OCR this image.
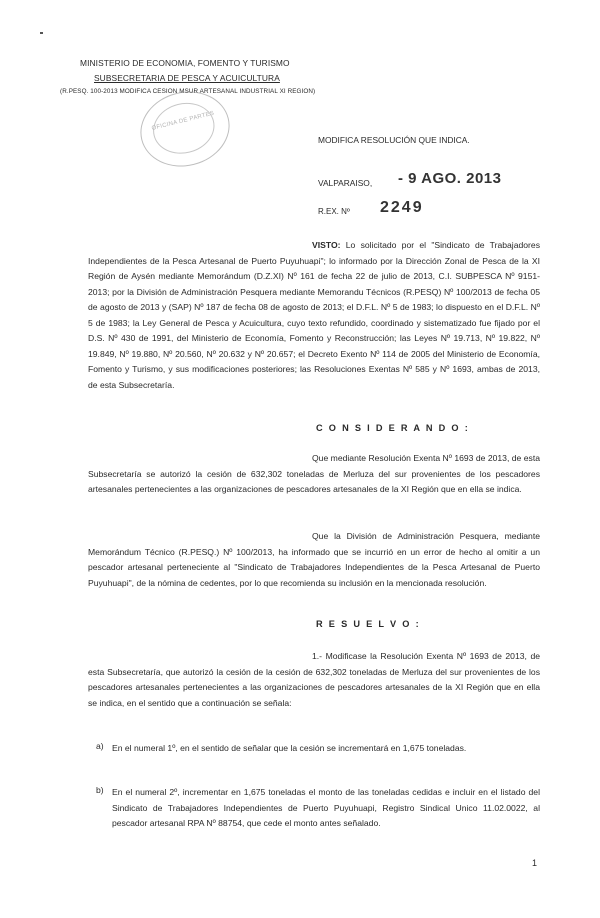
MINISTERIO DE ECONOMIA, FOMENTO Y TURISMO
SUBSECRETARIA DE PESCA Y ACUICULTURA
(R.PESQ. 100-2013 MODIFICA CESION MSUR ARTESANAL INDUSTRIAL XI REGION)
OFICINA DE PARTES
MODIFICA RESOLUCIÓN QUE INDICA.
VALPARAISO, - 9 AGO. 2013
R.EX. Nº 2249

VISTO: Lo solicitado por el "Sindicato de Trabajadores Independientes de la Pesca Artesanal de Puerto Puyuhuapi"; lo informado por la Dirección Zonal de Pesca de la XI Región de Aysén mediante Memorándum (D.Z.XI) Nº 161 de fecha 22 de julio de 2013, C.I. SUBPESCA Nº 9151-2013; por la División de Administración Pesquera mediante Memorandu Técnicos (R.PESQ) Nº 100/2013 de fecha 05 de agosto de 2013 y (SAP) Nº 187 de fecha 08 de agosto de 2013; el D.F.L. Nº 5 de 1983; lo dispuesto en el D.F.L. Nº 5 de 1983; la Ley General de Pesca y Acuicultura, cuyo texto refundido, coordinado y sistematizado fue fijado por el D.S. Nº 430 de 1991, del Ministerio de Economía, Fomento y Reconstrucción; las Leyes Nº 19.713, Nº 19.822, Nº 19.849, Nº 19.880, Nº 20.560, Nº 20.632 y Nº 20.657; el Decreto Exento Nº 114 de 2005 del Ministerio de Economía, Fomento y Turismo, y sus modificaciones posteriores; las Resoluciones Exentas Nº 585 y Nº 1693, ambas de 2013, de esta Subsecretaría.

C O N S I D E R A N D O :

Que mediante Resolución Exenta Nº 1693 de 2013, de esta Subsecretaría se autorizó la cesión de 632,302 toneladas de Merluza del sur provenientes de los pescadores artesanales pertenecientes a las organizaciones de pescadores artesanales de la XI Región que en ella se indica.

Que la División de Administración Pesquera, mediante Memorándum Técnico (R.PESQ.) Nº 100/2013, ha informado que se incurrió en un error de hecho al omitir a un pescador artesanal perteneciente al "Sindicato de Trabajadores Independientes de la Pesca Artesanal de Puerto Puyuhuapi", de la nómina de cedentes, por lo que recomienda su inclusión en la mencionada resolución.

R E S U E L V O :

1.- Modificase la Resolución Exenta Nº 1693 de 2013, de esta Subsecretaría, que autorizó la cesión de la cesión de 632,302 toneladas de Merluza del sur provenientes de los pescadores artesanales pertenecientes a las organizaciones de pescadores artesanales de la XI Región que en ella se indica, en el sentido que a continuación se señala:

a) En el numeral 1º, en el sentido de señalar que la cesión se incrementará en 1,675 toneladas.

b) En el numeral 2º, incrementar en 1,675 toneladas el monto de las toneladas cedidas e incluir en el listado del Sindicato de Trabajadores Independientes de Puerto Puyuhuapi, Registro Sindical Unico 11.02.0022, al pescador artesanal RPA Nº 88754, que cede el monto antes señalado.

1
